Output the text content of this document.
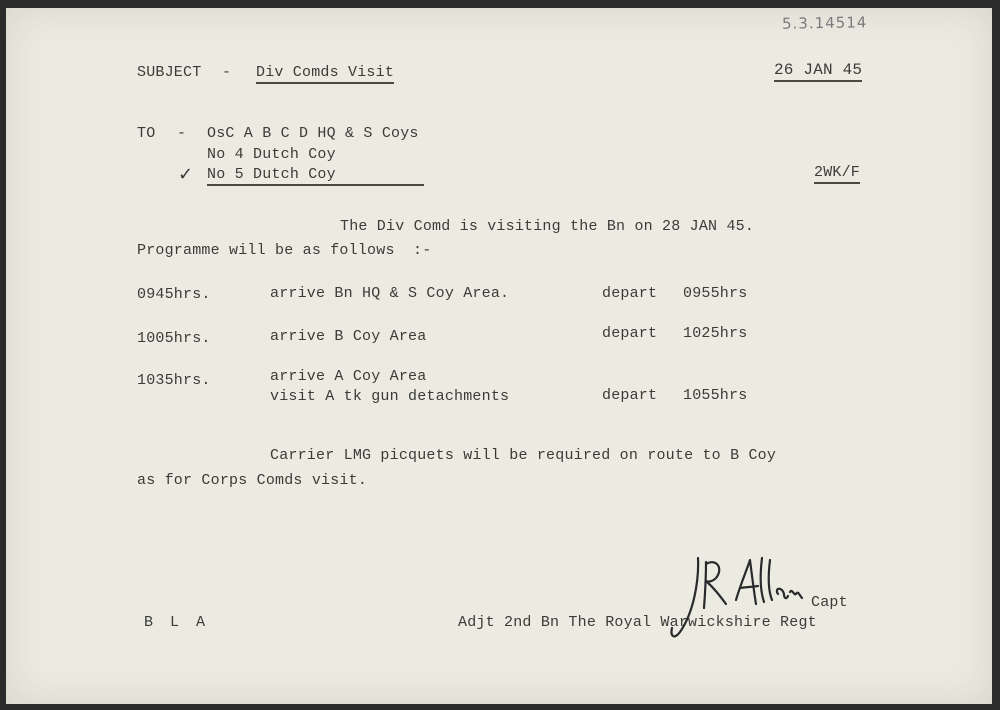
5.3.14514
SUBJECT - Div Comds Visit	26 JAN 45
TO - OsC A B C D HQ & S Coys
No 4 Dutch Coy
✓ No 5 Dutch Coy	2WK/F
The Div Comd is visiting the Bn on 28 JAN 45.
Programme will be as follows  :-
0945hrs.	arrive Bn HQ & S Coy Area.	depart 0955hrs
1005hrs.	arrive B Coy Area	depart 1025hrs
1035hrs.	arrive A Coy Area
visit A tk gun detachments	depart 1055hrs
Carrier LMG picquets will be required on route to B Coy
as for Corps Comds visit.
Capt
Adjt 2nd Bn The Royal Warwickshire Regt
B L A
